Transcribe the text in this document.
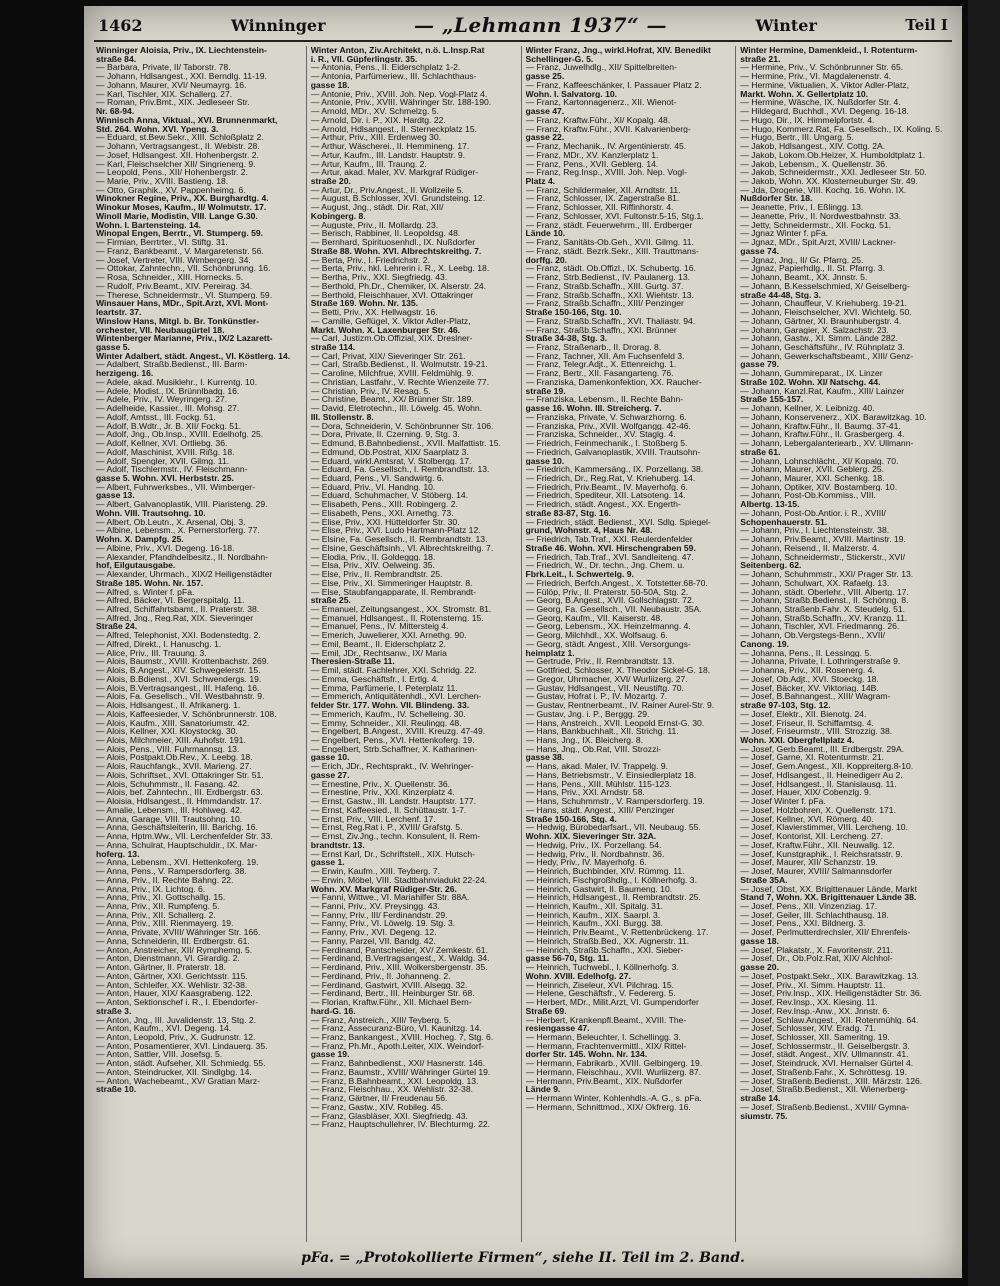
1462	Winninger	— „Lehmann 1937“ —	Winter	Teil I
Winninger Aloisia, Priv., IX. Liechtenstein-
straße 84.
— Barbara, Private, II/ Taborstr. 78.
— Johann, Hdlsangest., XXI. Berndlg. 11-19.
— Johann, Maurer, XVI/ Neumayrg. 16.
— Karl, Tischler, XIX. Schallerg. 27.
— Roman, Priv.Bmt., XIX. Jedleseer Str.
Nr. 68-94.
Winnisch Anna, Viktual., XVI. Brunnenmarkt,
Std. 264. Wohn. XVI. Ypeng. 3.
— Eduard, st.Bew.Sekr., XIII. Schloßplatz 2.
— Johann, Vertragsangest., II. Webistr. 28.
— Josef, Hdlsangest. XII. Hohenbergstr. 2.
— Karl, Fleischselcher XII/ Singrienerg. 9.
— Leopold, Pens., XII/ Hohenbergstr. 2.
— Marie, Priv., XVIII. Bastieng. 18.
— Otto, Graphik., XV. Pappenheimg. 6.
Winokner Regine, Priv., XX. Burghardtg. 4.
Winokur Moses, Kaufm., II/ Wolmutstr. 17.
Winoll Marie, Modistin, VIII. Lange G.30.
Wohn. I. Bartensteing. 14.
Winopal Engen, Berrtr., VI. Stumperg. 59.
— Firmian, Berrtrter., VI. Stiftg. 31.
— Franz, Bankbeamt., V. Margaretenstr. 56.
— Josef, Vertreter, VIII. Wimbergerg. 34.
— Ottokar, Zahntechn., VII. Schönbrunng. 16.
— Rosa, Schneider., XIII. Hornecks. 5.
— Rudolf, Priv.Beamt., XIV. Pereirag. 34.
— Therese, Schneidermstr., VI. Stumperg. 59.
Winsauer Hans, MDr., Spit.Arzt, XVI. Mont-
leartstr. 37.
Winslow Hans, Mitgl. b. Br. Tonkünstler-
orchester, VII. Neubaugürtel 18.
Wintenberger Marianne, Priv., IX/2 Lazarett-
gasse 5.
Winter Adalbert, städt. Angest., VI. Köstlerg. 14.
— Adalbert, Straßb.Bedienst., III. Barm-
herzigeng. 16.
— Adele, akad. Musiklehr., I. Kurrentg. 10.
— Adele, Modist., IX. Brünnlbadg. 16.
— Adele, Priv., IV. Weyringerg. 27.
— Adelheide, Kassier., III. Mohsg. 27.
— Adolf, Amtsst., III. Fockg. 51.
— Adolf, B.Wdtr., Jr. B. XII/ Fockg. 51.
— Adolf, Jng., Ob.Insp., XVIII. Edelhofg. 25.
— Adolf, Kellner, XVI. Ortliebg. 36.
— Adolf, Maschinist, XVIII. Rißg. 18.
— Adolf, Spengler, XVII. Gilmg. 11.
— Adolf, Tischlermstr., IV. Fleischmann-
gasse 5. Wohn. XVI. Herbststr. 25.
— Albert, Fuhrwerksbes., VII. Wimberger-
gasse 13.
— Albert, Galvanoplastik, VIII. Piaristeng. 29.
Wohn. VIII. Trautsohng. 10.
— Albert, Ob.Leutn., X. Arsenal, Obj. 3.
— Albine, Lebensm., X. Pernerstorferg. 77.
Wohn. X. Dampfg. 25.
— Albine, Priv., XVI. Degeng. 16-18.
— Alexander, Pfandhdelbesitz., II. Nordbahn-
hof, Eilgutausgabe.
— Alexander, Uhrmach., XIX/2 Heiligenstädter
Straße 185. Wohn. Nr. 157.
— Alfred, s. Winter f. pFa.
— Alfred, Bäcker, VI. Bergerspitalg. 11.
— Alfred, Schiffahrtsbamt., II. Praterstr. 38.
— Alfred, Jng., Reg.Rat, XIX. Sieveringer
Straße 24.
— Alfred, Telephonist, XXI. Bodenstedtg. 2.
— Alfred, Direkt., I. Hanuschg. 1.
— Alice, Priv., III. Trauung. 3.
— Alois, Baumstr., XVIII. Krottenbachstr. 269.
— Alois, B.Angest., XIV. Schwegelerstr. 15.
— Alois, B.Bdienst., XVI. Schwendergs. 19.
— Alois, B.Vertragsangest., III. Hafeng. 16.
— Alois, Fa. Gesellsch., VII. Westbahnstr. 9.
— Alois, Hdlsangest., II. Afrikanerg. 1.
— Alois, Kaffeesieder, V. Schönbrunnerstr. 108.
— Alois, Kaufm., XIII. Sanatoriumstr. 42.
— Alois, Kellner, XXI. Kloystockg. 30.
— Alois, Milchmeier, XIII. Auhofstr. 191.
— Alois, Pens., VIII. Fuhrmannsg. 13.
— Alois, Postpakt.Ob.Rev., X. Leebg. 18.
— Alois, Rauchfangk., XVII. Marieng. 27.
— Alois, Schriftset., XVI. Ottakringer Str. 51.
— Alois, Schuhmmstr., II. Fasang. 42.
— Alois, bef. Zahntechn., III. Erdbergstr. 63.
— Aloisia, Hdlsangest., II. Hmmdandstr. 17.
— Amalie, Lebensm., III. Hohlweg. 42.
— Anna, Garage, VIII. Trautsohng. 10.
— Anna, Geschäftsleiterin, III. Barichg. 16.
— Anna, Hptm.Ww., VII. Lerchenfelder Str. 33.
— Anna, Schulrat, Hauptschuldir., IX. Mar-
hoferg. 13.
— Anna, Lebensm., XVI. Hettenkoferg. 19.
— Anna, Pens., V. Rampersdorferg. 38.
— Anna, Priv., II. Rechte Bahng. 22.
— Anna, Priv., IX. Lichtog. 6.
— Anna, Priv., XI. Gottschallg. 15.
— Anna, Priv., XII. Rumpfeng. 5.
— Anna, Priv., XII. Schallerg. 2.
— Anna, Priv., XIII. Rienmayerg. 19.
— Anna, Private, XVIII/ Währinger Str. 166.
— Anna, Schneiderin, III. Erdbergstr. 61.
— Anton, Anstreicher, XII/ Rymphemg. 5.
— Anton, Dienstmann, VI. Girardig. 2.
— Anton, Gärtner, II. Praterstr. 18.
— Anton, Gärtner, XXI. Gerichtsstr. 115.
— Anton, Schleifer, XX. Wehlistr. 32-38.
— Anton, Hauer, XIX/ Kaasgrabeng. 122.
— Anton, Sektionschef i. R., I. Ebendorfer-
straße 3.
— Anton, Jng., III. Juvalidenstr. 13, Stg. 2.
— Anton, Kaufm., XVI. Degeng. 14.
— Anton, Leopold, Priv., X. Gudrunstr. 12.
— Anton, Posamentierer, XVI. Lindauerg. 35.
— Anton, Sattler, VIII. Josefsg. 5.
— Anton, städt. Aufseher, XII. Schmiedg. 55.
— Anton, Steindrucker, XII. Sindlgbg. 14.
— Anton, Wachebeamt., XV/ Gratian Marz-
straße 10.
Winter Anton, Ziv.Architekt, n.ö. L.Insp.Rat
i. R., VII. Güpferlingstr. 35.
— Antonia, Pens., II. Eiderschplatz 1-2.
— Antonia, Parfümeriew., III. Schlachthaus-
gasse 18.
— Antonie, Priv., XVIII. Joh. Nep. Vogl-Platz 4.
— Antonie, Priv., XVIII. Währinger Str. 188-190.
— Arnold, MDr., XV. Schmelzg. 5.
— Arnold, Dir. i. P., XIX. Hardtg. 22.
— Arnold, Hdlsangest., II. Sterneckplatz 15.
— Arthur, Priv., XIII. Erdenweg 30.
— Arthur, Wäscherei., II. Hemmineng. 17.
— Artur, Kaufm., III. Landstr. Hauptstr. 9.
— Artur, Kaufm., III. Traung. 2.
— Artur, akad. Maler, XV. Markgraf Rüdiger-
straße 20.
— Artur, Dr., Priv.Angest., II. Wollzeile 5.
— August, B.Schlosser, XVI. Grundsteing. 12.
— August, Jng., städt. Dir. Rat, XII/
Kobingerg. 8.
— Auguste, Priv., II. Mollardg. 23.
— Berisch, Rabbiner, II. Leopoldsg. 48.
— Bernhard, Spirituosenhdl., IX. Nußdorfer
Straße 88. Wohn. XVI. Albrechtskreithg. 7.
— Berta, Priv., I. Friedrichstr. 2.
— Berta, Priv., hkl. Lehrerin i. R., X. Leebg. 18.
— Bertha, Priv., XXI. Siegfriedg. 43.
— Berthold, Ph.Dr., Chemiker, IX. Alserstr. 24.
— Berthold, Fleischhauer, XVI. Ottakringer
Straße 169. Wohn. Nr. 135.
— Betti, Priv., XX. Hellwagstr. 16.
— Camille, Geflügel, X. Viktor Adler-Platz,
Markt. Wohn. X. Laxenburger Str. 46.
— Carl, Justizm.Ob.Offizial, XIX. Dreslner-
straße 114.
— Carl, Privat, XIX/ Sieveringer Str. 261.
— Carl, Straßb.Bedienst., II. Wolmutstr. 19-21.
— Caroline, Milchfrue, XVIII. Feldmühlg. 9.
— Christian, Lastfahr., V. Rechte Wienzeile 77.
— Christian, Priv., IV. Resag. 5.
— Christine, Beamt., XX/ Brünner Str. 189.
— David, Eletrotechn., III. Löwelg. 45. Wohn.
III. Stollenstr. 8.
— Dora, Schneiderin, V. Schönbrunner Str. 106.
— Dora, Private, II. Czerning. 9, Stg. 3.
— Edmund, B.Bahnbedienst., XVII. Malfattistr. 15.
— Edmund, Ob.Postrat, XIX/ Saarplatz 3.
— Eduard, wirkl.Amtsrat, V. Stolbergg. 17.
— Eduard, Fa. Gesellsch., I. Rembrandtstr. 13.
— Eduard, Pens., VI. Sandwirtg. 6.
— Eduard, Priv., VI. Handng. 10.
— Eduard, Schuhmacher, V. Stöberg. 14.
— Elisabeth, Pens., XIII. Robingerg. 2.
— Elisabeth, Pens., XXI. Arnethg. 73.
— Elise, Priv., XXI. Hütteldorfer Str. 30.
— Elise, Priv., XVI. Ludo Hartmann-Platz 12.
— Elsine, Fa. Gesellsch., II. Rembrandtstr. 13.
— Elsine, Geschäftsinh., VI. Albrechtskreithg. 7.
— Elodia, Priv., II. Goldeggg. 18.
— Elsa, Priv., XIV. Oelweing. 35.
— Else, Priv., II. Rembrandtstr. 25.
— Else, Priv., XI. Simmeringer Hauptstr. 8.
— Else, Staubfangapparate, II. Rembrandt-
straße 25.
— Emanuel, Zeitungsangest., XX. Stromstr. 81.
— Emanuel, Hdlsangest., II. Rotensterng. 15.
— Emanuel, Pens., IV. Mittersteig 4.
— Emerich, Juwelierer, XXI. Arnethg. 90.
— Emil, Beamt., II. Eiderschplatz 2.
— Emil, JDr., Rechtsanw., IX/ Maria
Theresien-Straße 11.
— Emil, städt. Fachlehrer, XXI. Schridg. 22.
— Emma, Geschäftsfr., I. Ertlg. 4.
— Emma, Parfümerie, I. Peterplatz 11.
— Emmerich, Antiquitätenhdl., XVI. Lerchen-
felder Str. 177. Wohn. VII. Blindeng. 33.
— Emmerich, Kaufm., IV. Schelleing. 30.
— Emmy, Schneider., XII. Reulingg. 48.
— Engelbert, B.Angest., XVIII. Kreuzg. 47-49.
— Engelbert, Pens., XVI. Hettenkoferg. 19.
— Engelbert, Strb.Schaffner, X. Katharinen-
gasse 10.
— Erich, JDr., Rechtsprakt., IV. Wehringer-
gasse 27.
— Ernestine, Priv., X. Quellenstr. 36.
— Ernestine, Priv., XXI. Kinzerplatz 4.
— Ernst, Gastw., III. Landstr. Hauptstr. 177.
— Ernst, Kaffeesied., II. Schüttaustr. 1-7.
— Ernst, Priv., VIII. Lerchenf. 17.
— Ernst, Reg.Rat i. P., XVIII/ Grafstg. 5.
— Ernst, Ziv.Jng., techn. Konsulent, II. Rem-
brandtstr. 13.
— Ernst Karl, Dr., Schriftstell., XIX. Hutsch-
gasse 1.
— Erwin, Kaufm., XIII. Teyberg. 7.
— Erwin, Möbel, VIII. Stadtbahnviadukt 22-24.
Wohn. XV. Markgraf Rüdiger-Str. 26.
— Fanni, Wittwe., VI. Mariahilfer Str. 88A.
— Fanni, Priv., XV. Preysingg. 43.
— Fanny, Priv., III/ Ferdinandstr. 29.
— Fanny, Priv., VI. Löwelg. 19. Stg. 3.
— Fanny, Priv., XVI. Degeng. 12.
— Fanny, Parzel, VII. Bandg. 42.
— Ferdinand, Pantscheider, XV/ Zemkestr. 61.
— Ferdinand, B.Vertragsangest., X. Waldg. 34.
— Ferdinand, Priv., XIII. Wolkersbergenstr. 35.
— Ferdinand, Priv., II. Johanneng. 2.
— Ferdinand, Gastwirt, XVIII. Alsegg. 32.
— Ferdinand, Bertr., III. Heinburger Str. 68.
— Florian, Kraftw.Führ., XII. Michael Bern-
hard-G. 16.
— Franz, Anstreich., XIII/ Teyberg. 5.
— Franz, Assecuranz-Büro, VI. Kaunitzg. 14.
— Franz, Bankangest., XVIII. Hocheg. 7, Stg. 6.
— Franz, Ph.Mr., Apoth.Leiter, XIX. Weindorf-
gasse 19.
— Franz, Bahnbedienst., XXI/ Hasnerstr. 146.
— Franz, Baumstr., XVIII/ Währinger Gürtel 19.
— Franz, B.Bahnbeamt., XXI. Leopoldg. 13.
— Franz, Fleischhau., XX. Wehlistr. 32-38.
— Franz, Gärtner, II/ Freudenau 56.
— Franz, Gastw., XIV. Robileg. 45.
— Franz, Glasbläser, XXI. Siegfriedg. 43.
— Franz, Hauptschullehrer, IV. Blechturmg. 22.
Winter Franz, Jng., wirkl.Hofrat, XIV. Benedikt
Schellinger-G. 5.
— Franz, Juwelhdlg., XII/ Spittelbreiten-
gasse 25.
— Franz, Kaffeeschänker, I. Passauer Platz 2.
Wohn. I. Salvatorg. 10.
— Franz, Kartonnagenerz., XII. Wienot-
gasse 47.
— Franz, Kraftw.Führ., XI/ Kopalg. 48.
— Franz, Kraftw.Führ., XVII. Kalvarienberg-
gasse 22.
— Franz, Mechanik., IV. Argentinierstr. 45.
— Franz, MDr., XV. Kanzlerplatz 1.
— Franz, Pens., XVII. Geblerg. 14.
— Franz, Reg.Insp., XVIII. Joh. Nep. Vogl-
Platz 4.
— Franz, Schildermaler, XII. Arndtstr. 11.
— Franz, Schlosser, IX. Zagerstraße 81.
— Franz, Schlosser, XII. Riffinhorstr. 4.
— Franz, Schlosser, XVI. Fultonstr.5-15, Stg.1.
— Franz, städt. Feuerwehrm., III. Erdberger
Lände 10.
— Franz, Sanitäts-Ob.Geh., XVII. Gilmg. 11.
— Franz, städt. Bezrk.Sekr., XIII. Trauttmans-
dorffg. 20.
— Franz, städt. Ob.Offizl., IX. Schubertg. 16.
— Franz, Strb.Bedienst., IV. Paulanerg. 13.
— Franz, Straßb.Schaffn., XIII. Gurtg. 37.
— Franz, Straßb.Schaffn., XXI. Wiehtstr. 13.
— Franz, Straßb.Schaffn., XIII/ Penzinger
Straße 150-166, Stg. 10.
— Franz, Straßb.Schaffn., XVI. Thaliastr. 94.
— Franz, Straßb.Schaffn., XXI. Brünner
Straße 34-38, Stg. 3.
— Franz, Straßenarb., II. Drorag. 8.
— Franz, Tachner, XII. Am Fuchsenfeld 3.
— Franz, Telegr.Adjt., X. Ettenreichg. 1.
— Franz, Bertr., XII. Fasangarteng. 76.
— Franziska, Damenkonfektion, XX. Raucher-
straße 19.
— Franziska, Lebensm., II. Rechte Bahn-
gasse 16. Wohn. III. Streicherg. 7.
— Franziska, Private, V. Schwarzhorng. 6.
— Franziska, Priv., XVII. Wolfgangg. 42-46.
— Franziska, Schneider., XV. Staglg. 4.
— Friedrich, Feinmechanik., I. Stoßberg 5.
— Friedrich, Galvanoplastik, XVIII. Trautsohn-
gasse 10.
— Friedrich, Kammersäng., IX. Porzellang. 38.
— Friedrich, Dr., Reg.Rat, V. Kriehuberg. 14.
— Friedrich, Priv.Beamt., IV. Mayerhofg. 6.
— Friedrich, Spediteur, XII. Latsoteng. 14.
— Friedrich, städt. Angest., XX. Engerth-
straße 83-87, Stg. 16.
— Friedrich, städt. Bedienst., XVI. Sdlg. Spiegel-
grund, Wohnstr. 4, Haus Nr. 48.
— Friedrich, Tab.Traf., XXI. Reulerdenfelder
Straße 46. Wohn. XVI. Hirschengraben 59.
— Friedrich, Tab.Traf., XVI. Sandleiteng. 47.
— Friedrich, W., Dr. techn., Jng. Chem. u.
Fbrk.Leit., I. Schwertelg. 9.
— Friedrich, Berfch.Angest., X. Totstetter.68-70.
— Fülöp, Priv., II. Praterstr. 50-50A, Stg. 2.
— Georg, B.Angest., XVII. Gollschlagstr. 72.
— Georg, Fa. Gesellsch., VII. Neubaustr. 35A.
— Georg, Kaufm., VII. Kaiserstr. 48.
— Georg, Lebensm., XX. Heinzelmanng. 4.
— Georg, Milchhdl., XX. Wolfsaug. 6.
— Georg, städt. Angest., XIII. Versorgungs-
heimplatz 1.
— Gertrude, Priv., II. Rembrandtstr. 13.
— Gottfried, Schlosser, X. Theodor Sickel-G. 18.
— Gregor, Uhrmacher, XVI/ Wurliizerg. 27.
— Gustav, Hdlsangest., VII. Neustiftg. 70.
— Gustav, Hofrat i. P., IV. Mozartg. 7.
— Gustav, Rentnerbeamt., IV. Rainer Aurel-Str. 9.
— Gustav, Jng. i. P., Berggg. 29.
— Hans, Anstreich., XVII. Leopold Ernst-G. 30.
— Hans, Bankbuchhalt., XII. Strichg. 11.
— Hans, Jng., IX. Bleicherg. 8.
— Hans, Jng., Ob.Rat, VIII. Strozzi-
gasse 38.
— Hans, akad. Maler, IV. Trappelg. 9.
— Hans, Betriebsmstr., V. Einsiedlerplatz 18.
— Hans, Pens., XIII. Mühlstr. 115-123.
— Hans, Priv., XXI. Arndstr. 58.
— Hans, Schuhmmstr., V. Rampersdorferg. 19.
— Hans, städt. Angest., XIII/ Penzinger
Straße 150-166, Stg. 4.
— Hedwig, Bürobedarfsart., VII. Neubaug. 55.
Wohn. XIX. Sieveringer Str. 32A.
— Hedwig, Priv., IX. Porzellang. 54.
— Hedwig, Priv., II. Nordbahnstr. 36.
— Hedy, Priv., IV. Mayerhofg. 6.
— Heinrich, Buchbinder, XIV. Rümmg. 11.
— Heinrich, Fischgroßhdlg., I. Köllnerhofg. 3.
— Heinrich, Gastwirt, II. Baumeng. 10.
— Heinrich, Hdlsangest., II. Rembrandtstr. 25.
— Heinrich, Kaufm., XII. Spitalg. 31.
— Heinrich, Kaufm., XIX. Saarpl. 3.
— Heinrich, Kaufm., XXI. Burgg. 38.
— Heinrich, Priv.Beamt., V. Rettenbrückeng. 17.
— Heinrich, Straßb.Bed., XX. Aignerstr. 11.
— Heinrich, Straßb.Schaffn., XXI. Sieber-
gasse 56-70, Stg. 11.
— Heinrich, Tuchwebl., I. Köllnerhofg. 3.
Wohn. XVIII. Edelhofg. 27.
— Heinrich, Ziseleur, XVI. Pilchrag. 15.
— Helene, Geschäftsfr., V. Federerg. 5.
— Herbert, MDr., Milit.Arzt, VI. Gumpendorfer
Straße 69.
— Herbert, Krankenpfl.Beamt., XVIII. The-
resiengasse 47.
— Hermann, Beleuchter, I. Schellingg. 3.
— Hermann, Frachtenvermittl., XIX/ Rittel-
dorfer Str. 145. Wohn. Nr. 134.
— Hermann, Fabrikarb., XVIII. Gelbingerg. 19.
— Hermann, Fleischhau., XVII. Wurliizerg. 87.
— Hermann, Priv.Beamt., XIX. Nußdorfer
Lände 9.
— Hermann Winter, Kohlenhdls.-A. G., s. pFa.
— Hermann, Schnittmod., XIX/ Okfrerg. 16.
Winter Hermine, Damenkleid., I. Rotenturm-
straße 21.
— Hermine, Priv., V. Schönbrunner Str. 65.
— Hermine, Priv., VI. Magdalenenstr. 4.
— Hermine, Viktualien, X. Viktor Adler-Platz,
Markt. Wohn. X. Gellertplatz 10.
— Hermine, Wäsche, IX. Nußdorfer Str. 4.
— Hildegard, Buchhdl., XVI. Degeng. 16-18.
— Hugo, Dir., IX. Himmelpfortstr. 4.
— Hugo, Kommerz.Rat, Fa. Gesellsch., IX. Koling. 5.
— Hugo, Bertr., III. Ungarg. 5.
— Jakob, Hdlsangest., XIV. Cottg. 2A.
— Jakob, Lokom.Ob.Heizer, X. Humboldtplatz 1.
— Jakob, Lebensm., X. Quellenstr. 36.
— Jakob, Schneidermstr., XXI. Jedleseer Str. 50.
— Jakob, Wohn. XX. Klosterneuburger Str. 49.
— Jda, Drogerie, VIII. Kochg. 16. Wohn. IX.
Nußdorfer Str. 18.
— Jeanette, Priv., I. Eßlingg. 13.
— Jeanette, Priv., II. Nordwestbahnstr. 33.
— Jetty, Schneidermstr., XII. Fockg. 51.
— Jgnaz Winter f. pFa.
— Jgnaz, MDr., Spit.Arzt, XVIII/ Lackner-
gasse 74.
— Jgnaz, Jng., II/ Gr. Pfarrg. 25.
— Jgnaz, Papierhdlg., II. St. Pfarrg. 3.
— Johann, Beamt., XX. Jnnstr. 5.
— Johann, B.Kesselschmied, X/ Geiselberg-
straße 44-48, Stg. 3.
— Johann, Chauffeur, V. Kriehuberg. 19-21.
— Johann, Fleischselcher, XVI. Wichtelg. 50.
— Johann, Gärtner, XI. Braunhubergstr. 4.
— Johann, Garagier, X. Salzachstr. 23.
— Johann, Gastw., XI. Simm. Lände 282.
— Johann, Geschäftsführ., IV. Rühnplatz 3.
— Johann, Gewerkschaftsbeamt., XIII/ Genz-
gasse 79.
— Johann, Gummireparat., IX. Linzer
Straße 102. Wohn. XI/ Natschg. 44.
— Johann, Kanzl.Rat, Kaufm., XIII/ Lainzer
Straße 155-157.
— Johann, Kellner, X. Leibnizg. 40.
— Johann, Konservenerz., XIX. Barawitzkag. 10.
— Johann, Kraftw.Führ., II. Baumg. 37-41.
— Johann, Kraftw.Führ., II. Grasbergerg. 4.
— Johann, Lebergalanteriearb., XV. Ullmann-
straße 61.
— Johann, Lohnschlächt., XI/ Kopalg. 70.
— Johann, Maurer, XVII. Geblerg. 25.
— Johann, Maurer, XXI. Schenkg. 18.
— Johann, Optiker, XIV. Bostamberg. 10.
— Johann, Post-Ob.Kommiss., VIII.
Albertg. 13-15.
— Johann, Post-Ob.Antior. i. R., XVIII/
Schopenhauerstr. 51.
— Johann, Priv., I. Liechtensteinstr. 38.
— Johann, Priv.Beamt., XVIII. Martinstr. 19.
— Johann, Reisend., II. Malzerstr. 4.
— Johann, Schneidermstr., Stickerstr., XVI/
Seitenberg. 62.
— Johann, Schuhmmstr., XXI/ Prager Str. 13.
— Johann, Schulwart, XX. Rafaelg. 13.
— Johann, städt. Oberlehr., VIII. Albertg. 17.
— Johann, Straßb.Bedienst., II. Schönng. 8.
— Johann, Straßenb.Fahr. X. Steudelg. 51.
— Johann, Straßb.Schaffn., XV. Kranzg. 11.
— Johann, Tischler, XVI. Friedmanng. 26.
— Johann, Ob.Vergstegs-Benn., XVII/
Canong. 19.
— Johanna, Pens., II. Lessingg. 5.
— Johanna, Private, I. Lothringerstraße 9.
— Johanna, Priv., XII. Rosenerg. 4.
— Josef, Ob.Adjt., XVI. Stoeckg. 18.
— Josef, Bäcker, XV. Viktoriag. 14B.
— Josef, B.Bahnangest., XIII/ Wagram-
straße 97-103, Stg. 12.
— Josef, Elektr., XII. Bienotg. 24.
— Josef, Friseur, II. Schiffamtsg. 4.
— Josef, Friseurmstr., VIII. Strozzig. 38.
Wohn. XXI. Obergfellplatz 4.
— Josef, Gerb.Beamt., III. Erdbergstr. 29A.
— Josef, Garne, XI. Rotenturmstr. 21.
— Josef, Gem.Angest., XII. Koppreiterg.8-10.
— Josef, Hdlsangest., II. Heinedigerr Au 2.
— Josef, Hdlsangest., II. Stanislausg. 11.
— Josef, Hauer, XIX/ Cobenzlg. 9.
— Josef Winter f. pFa.
— Josef, Holzbohren, X. Quellenstr. 171.
— Josef, Kellner, XVI. Römerg. 40.
— Josef, Klavierstimmer, VIII. Lercheng. 10.
— Josef, Kontorist, XII. Lercheng. 27.
— Josef, Kraftw.Führ., XII. Neuwallg. 12.
— Josef, Kunstgraphik., I. Reichsratsstr. 9.
— Josef, Maurer, XII/ Schanzstr. 19.
— Josef, Maurer, XVIII/ Salmannsdorfer
Straße 35A.
— Josef, Obst, XX. Brigittenauer Lände, Markt
Stand 7, Wohn. XX. Brigittenauer Lände 38.
— Josef, Pens., XII. Vinzenziag. 17.
— Josef, Geiler, III. Schlachthausg. 18.
— Josef, Pens., XXI. Bildnerg. 3.
— Josef, Perlmutterdrechsler, XII/ Ehrenfels-
gasse 18.
— Josef, Plakatstr., X. Favoritenstr. 211.
— Josef, Dr., Ob.Polz.Rat, XIX/ Alchhol-
gasse 20.
— Josef, Postpakt.Sekr., XIX. Barawitzkag. 13.
— Josef, Priv., XI. Simm. Hauptstr. 11.
— Josef, Priv.Insp., XIX. Heiligenstädter Str. 36.
— Josef, Rev.Insp., XX. Kiesing. 11.
— Josef, Rev.Insp.-Anw., XX. Jnnstr. 6.
— Josef, Schlaw.Angest., XII. Rotenmühlg. 64.
— Josef, Schlosser, XIV. Eradg. 71.
— Josef, Schlosser, XII. Sameritng. 19.
— Josef, Schlossermstr., II. Geiselbergstr. 3.
— Josef, städt. Angest., XIV. Ullmannstr. 41.
— Josef, Steindruck, XVI. Hernalser Gürtel 4.
— Josef, Straßenb.Fahr., X. Schröttesg. 19.
— Josef, Straßenb.Bedienst., XIII. Märzstr. 126.
— Josef, Straßb.Bedienst., XII. Wienerberg-
straße 14.
— Josef, Straßenb.Bedienst., XVIII/ Gymna-
siumstr. 75.
pFa. = „Protokollierte Firmen“, siehe II. Teil im 2. Band.
